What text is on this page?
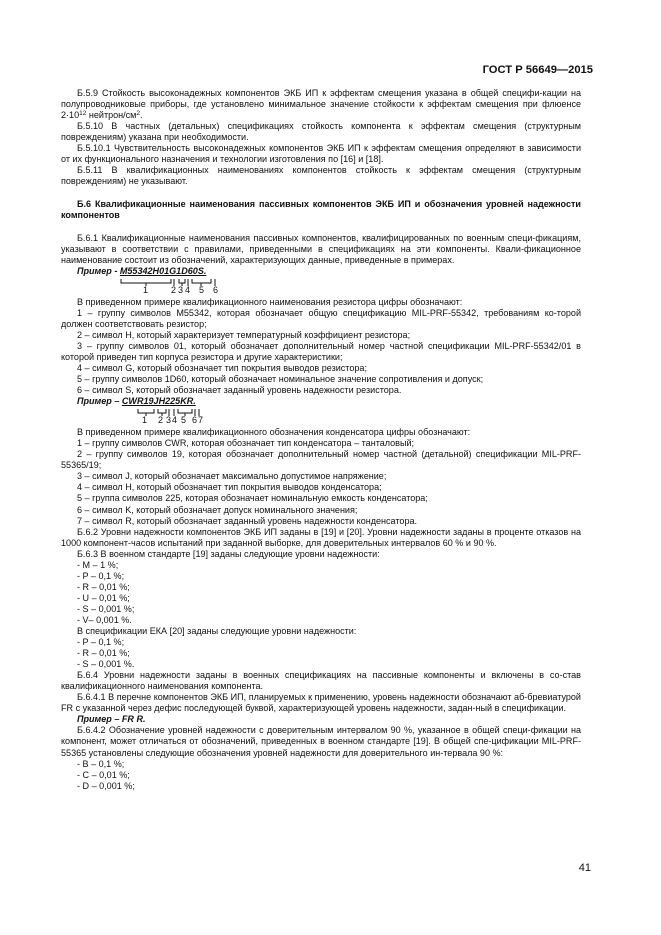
ГОСТ Р 56649—2015

Б.5.9 Стойкость высоконадежных компонентов ЭКБ ИП к эффектам смещения указана в общей специфи-кации на полупроводниковые приборы, где установлено минимальное значение стойкости к эффектам смещения при флюенсе $2\cdot 10^{12}$ нейтрон/$см^2$.

Б.5.10 В частных (детальных) спецификациях стойкость компонента к эффектам смещения (структурным повреждениям) указана при необходимости.

Б.5.10.1 Чувствительность высоконадежных компонентов ЭКБ ИП к эффектам смещения определяют в зависимости от их функционального назначения и технологии изготовления по [16] и [18].

Б.5.11 В квалификационных наименованиях компонентов стойкость к эффектам смещения (структурным повреждениям) не указывают.

Б.6 Квалификационные наименования пассивных компонентов ЭКБ ИП и обозначения уровней надежности компонентов

Б.6.1 Квалификационные наименования пассивных компонентов, квалифицированных по военным специ-фикациям, указывают в соответствии с правилами, приведенными в спецификациях на эти компоненты. Квали-фикационное наименование состоит из обозначений, характеризующих данные, приведенные в примерах.

Пример - M55342H01G1D60S.

1	2 3 4 5 6

В приведенном примере квалификационного наименования резистора цифры обозначают:

1 – группу символов M55342, которая обозначает общую спецификацию MIL-PRF-55342, требованиям ко-торой должен соответствовать резистор;

2 – символ H, который характеризует температурный коэффициент резистора;

3 – группу символов 01, который обозначает дополнительный номер частной спецификации MIL-PRF-55342/01 в которой приведен тип корпуса резистора и другие характеристики;

4 – символ G, который обозначает тип покрытия выводов резистора;

5 – группу символов 1D60, который обозначает номинальное значение сопротивления и допуск;

6 – символ S, который обозначает заданный уровень надежности резистора.

Пример – CWR19JH225KR.

1 2 3 4 5 6 7

В приведенном примере квалификационного обозначения конденсатора цифры обозначают:

1 – группу символов CWR, которая обозначает тип конденсатора – танталовый;

2 – группу символов 19, которая обозначает дополнительный номер частной (детальной) спецификации MIL-PRF-55365/19;

3 – символ J, который обозначает максимально допустимое напряжение;

4 – символ H, который обозначает тип покрытия выводов конденсатора;

5 – группа символов 225, которая обозначает номинальную емкость конденсатора;

6 – символ K, который обозначает допуск номинального значения;

7 – символ R, который обозначает заданный уровень надежности конденсатора.

Б.6.2 Уровни надежности компонентов ЭКБ ИП заданы в [19] и [20]. Уровни надежности заданы в проценте отказов на 1000 компонент-часов испытаний при заданной выборке, для доверительных интервалов 60 % и 90 %.

Б.6.3 В военном стандарте [19] заданы следующие уровни надежности:

- M – 1 %;

- P – 0,1 %;

- R – 0,01 %;

- U – 0,01 %;

- S – 0,001 %;

- V– 0,001 %.

В спецификации ЕКА [20] заданы следующие уровни надежности:

- P – 0,1 %;

- R – 0,01 %;

- S – 0,001 %.

Б.6.4 Уровни надежности заданы в военных спецификациях на пассивные компоненты и включены в со-став квалификационного наименования компонента.

Б.6.4.1 В перечне компонентов ЭКБ ИП, планируемых к применению, уровень надежности обозначают аб-бревиатурой FR с указанной через дефис последующей буквой, характеризующей уровень надежности, задан-ный в спецификации.

Пример – FR R.

Б.6.4.2 Обозначение уровней надежности с доверительным интервалом 90 %, указанное в общей специ-фикации на компонент, может отличаться от обозначений, приведенных в военном стандарте [19]. В общей спе-цификации MIL-PRF-55365 установлены следующие обозначения уровней надежности для доверительного ин-тервала 90 %:

- B – 0,1 %;

- C – 0,01 %;

- D – 0,001 %;

41
